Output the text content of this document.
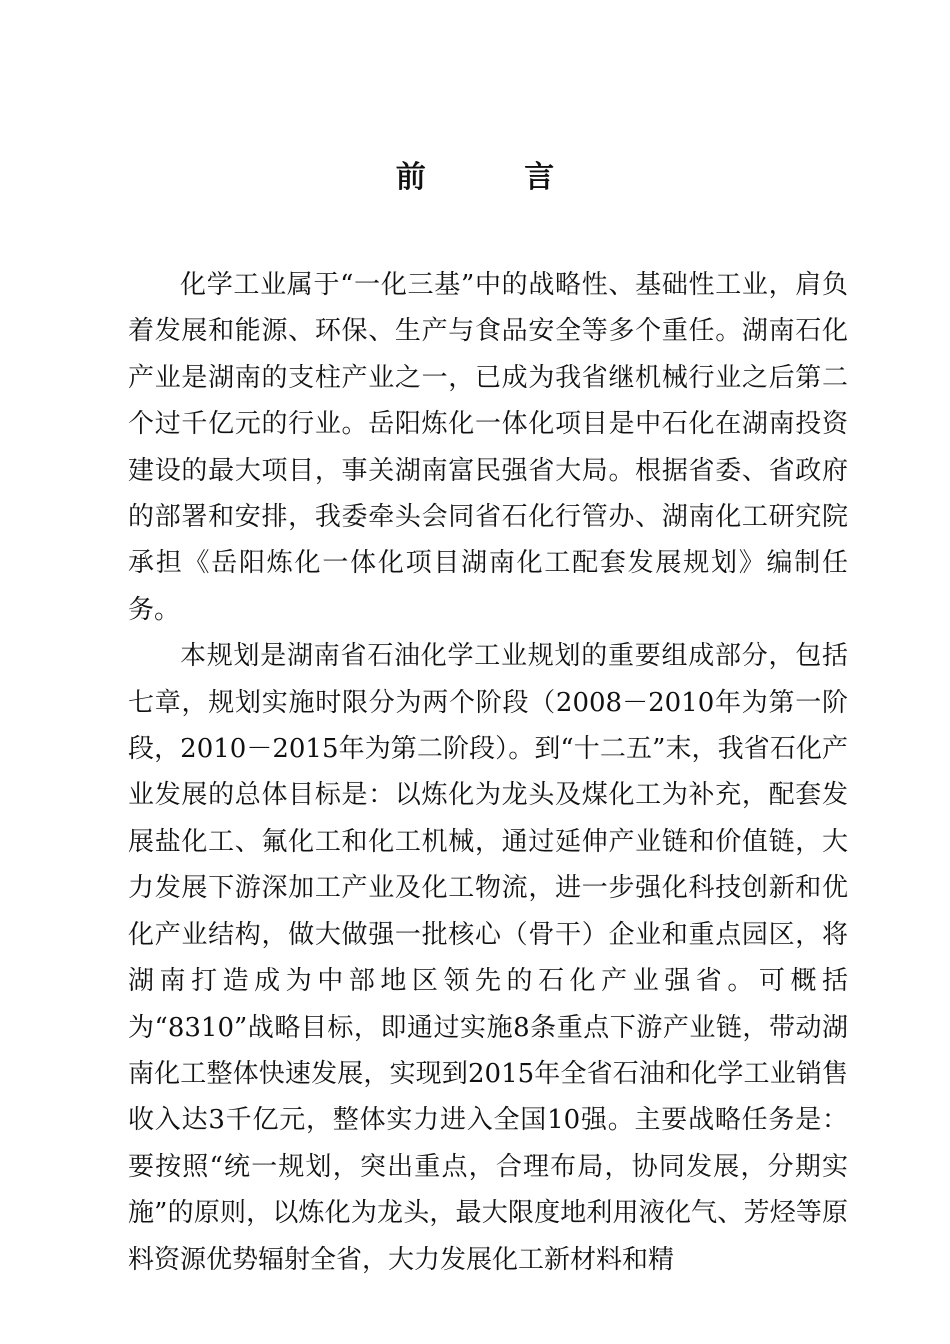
前 言

化学工业属于“一化三基”中的战略性、基础性工业，肩负着发展和能源、环保、生产与食品安全等多个重任。湖南石化产业是湖南的支柱产业之一，已成为我省继机械行业之后第二个过千亿元的行业。岳阳炼化一体化项目是中石化在湖南投资建设的最大项目，事关湖南富民强省大局。根据省委、省政府的部署和安排，我委牵头会同省石化行管办、湖南化工研究院承担《岳阳炼化一体化项目湖南化工配套发展规划》编制任务。

本规划是湖南省石油化学工业规划的重要组成部分，包括七章，规划实施时限分为两个阶段（2008－2010年为第一阶段，2010－2015年为第二阶段）。到“十二五”末，我省石化产业发展的总体目标是：以炼化为龙头及煤化工为补充，配套发展盐化工、氟化工和化工机械，通过延伸产业链和价值链，大力发展下游深加工产业及化工物流，进一步强化科技创新和优化产业结构，做大做强一批核心（骨干）企业和重点园区，将湖南打造成为中部地区领先的石化产业强省。可概括为“8310”战略目标，即通过实施8条重点下游产业链，带动湖南化工整体快速发展，实现到2015年全省石油和化学工业销售收入达3千亿元，整体实力进入全国10强。主要战略任务是：要按照“统一规划，突出重点，合理布局，协同发展，分期实施”的原则，以炼化为龙头，最大限度地利用液化气、芳烃等原料资源优势辐射全省，大力发展化工新材料和精
